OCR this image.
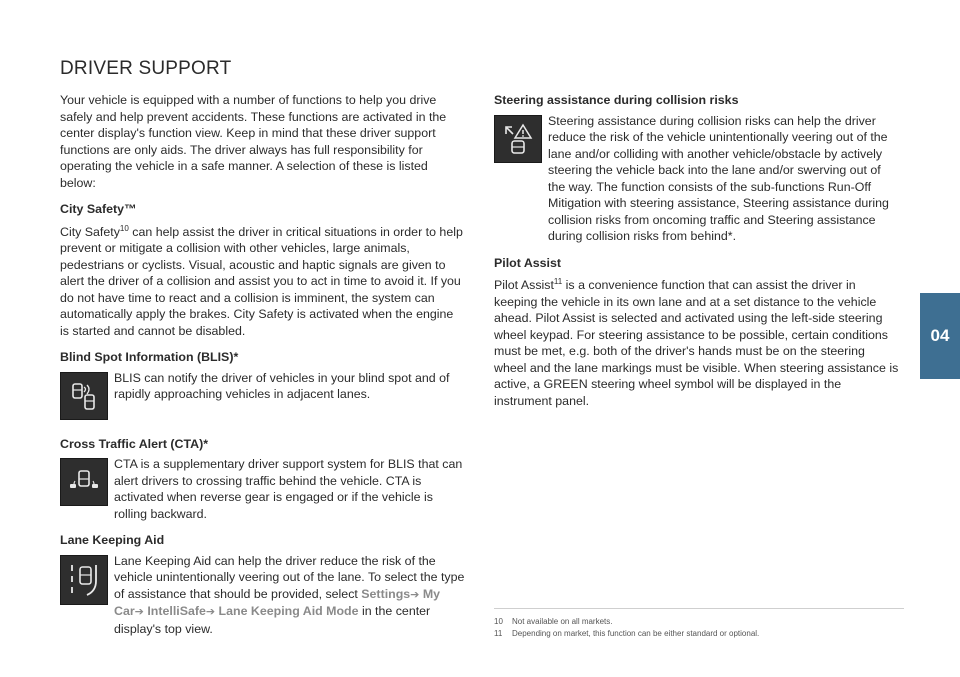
DRIVER SUPPORT

Your vehicle is equipped with a number of functions to help you drive safely and help prevent accidents. These functions are activated in the center display's function view. Keep in mind that these driver support functions are only aids. The driver always has full responsibility for operating the vehicle in a safe manner. A selection of these is listed below:

City Safety™

City Safety$^{10}$ can help assist the driver in critical situations in order to help prevent or mitigate a collision with other vehicles, large animals, pedestrians or cyclists. Visual, acoustic and haptic signals are given to alert the driver of a collision and assist you to act in time to avoid it. If you do not have time to react and a collision is imminent, the system can automatically apply the brakes. City Safety is activated when the engine is started and cannot be disabled.

Blind Spot Information (BLIS)*

BLIS can notify the driver of vehicles in your blind spot and of rapidly approaching vehicles in adjacent lanes.

Cross Traffic Alert (CTA)*

CTA is a supplementary driver support system for BLIS that can alert drivers to crossing traffic behind the vehicle. CTA is activated when reverse gear is engaged or if the vehicle is rolling backward.

Lane Keeping Aid

Lane Keeping Aid can help the driver reduce the risk of the vehicle unintentionally veering out of the lane. To select the type of assistance that should be provided, select Settings➔ My Car➔ IntelliSafe➔ Lane Keeping Aid Mode in the center display's top view.

Steering assistance during collision risks

Steering assistance during collision risks can help the driver reduce the risk of the vehicle unintentionally veering out of the lane and/or colliding with another vehicle/obstacle by actively steering the vehicle back into the lane and/or swerving out of the way. The function consists of the sub-functions Run-Off Mitigation with steering assistance, Steering assistance during collision risks from oncoming traffic and Steering assistance during collision risks from behind*.

Pilot Assist

Pilot Assist$^{11}$ is a convenience function that can assist the driver in keeping the vehicle in its own lane and at a set distance to the vehicle ahead. Pilot Assist is selected and activated using the left-side steering wheel keypad. For steering assistance to be possible, certain conditions must be met, e.g. both of the driver's hands must be on the steering wheel and the lane markings must be visible. When steering assistance is active, a GREEN steering wheel symbol will be displayed in the instrument panel.

10	Not available on all markets.
11	Depending on market, this function can be either standard or optional.
04
